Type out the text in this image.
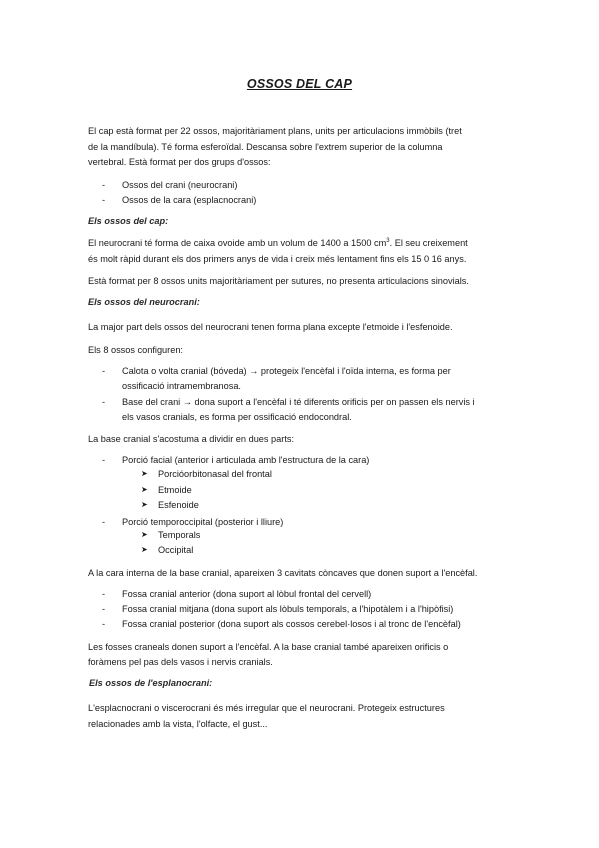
OSSOS DEL CAP
El cap està format per 22 ossos, majoritàriament plans, units per articulacions immòbils (tret
de la mandíbula). Té forma esferoïdal. Descansa sobre l'extrem superior de la columna
vertebral. Està format per dos grups d'ossos:
- Ossos del crani (neurocrani)
- Ossos de la cara (esplacnocrani)
Els ossos del cap:
El neurocrani té forma de caixa ovoide amb un volum de 1400 a 1500 $cm^3$. El seu creixement
és molt ràpid durant els dos primers anys de vida i creix més lentament fins els 15 0 16 anys.
Està format per 8 ossos units majoritàriament per sutures, no presenta articulacions sinovials.
Els ossos del neurocrani:
La major part dels ossos del neurocrani tenen forma plana excepte l'etmoide i l'esfenoide.
Els 8 ossos configuren:
- Calota o volta cranial (bóveda) → protegeix l'encèfal i l'oïda interna, es forma per
ossificació intramembranosa.
- Base del crani → dona suport a l'encèfal i té diferents orificis per on passen els nervis i
els vasos cranials, es forma per ossificació endocondral.
La base cranial s'acostuma a dividir en dues parts:
- Porció facial (anterior i articulada amb l'estructura de la cara)
➤ Porcióorbitonasal del frontal
➤ Etmoide
➤ Esfenoide
- Porció temporoccipital (posterior i lliure)
➤ Temporals
➤ Occipital
A la cara interna de la base cranial, apareixen 3 cavitats còncaves que donen suport a l'encèfal.
- Fossa cranial anterior (dona suport al lòbul frontal del cervell)
- Fossa cranial mitjana (dona suport als lòbuls temporals, a l'hipotàlem i a l'hipòfisi)
- Fossa cranial posterior (dona suport als cossos cerebel·losos i al tronc de l'encèfal)
Les fosses craneals donen suport a l'encèfal. A la base cranial també apareixen orificis o
foràmens pel pas dels vasos i nervis cranials.
Els ossos de l'esplanocrani:
L'esplacnocrani o viscerocrani és més irregular que el neurocrani. Protegeix estructures
relacionades amb la vista, l'olfacte, el gust...
